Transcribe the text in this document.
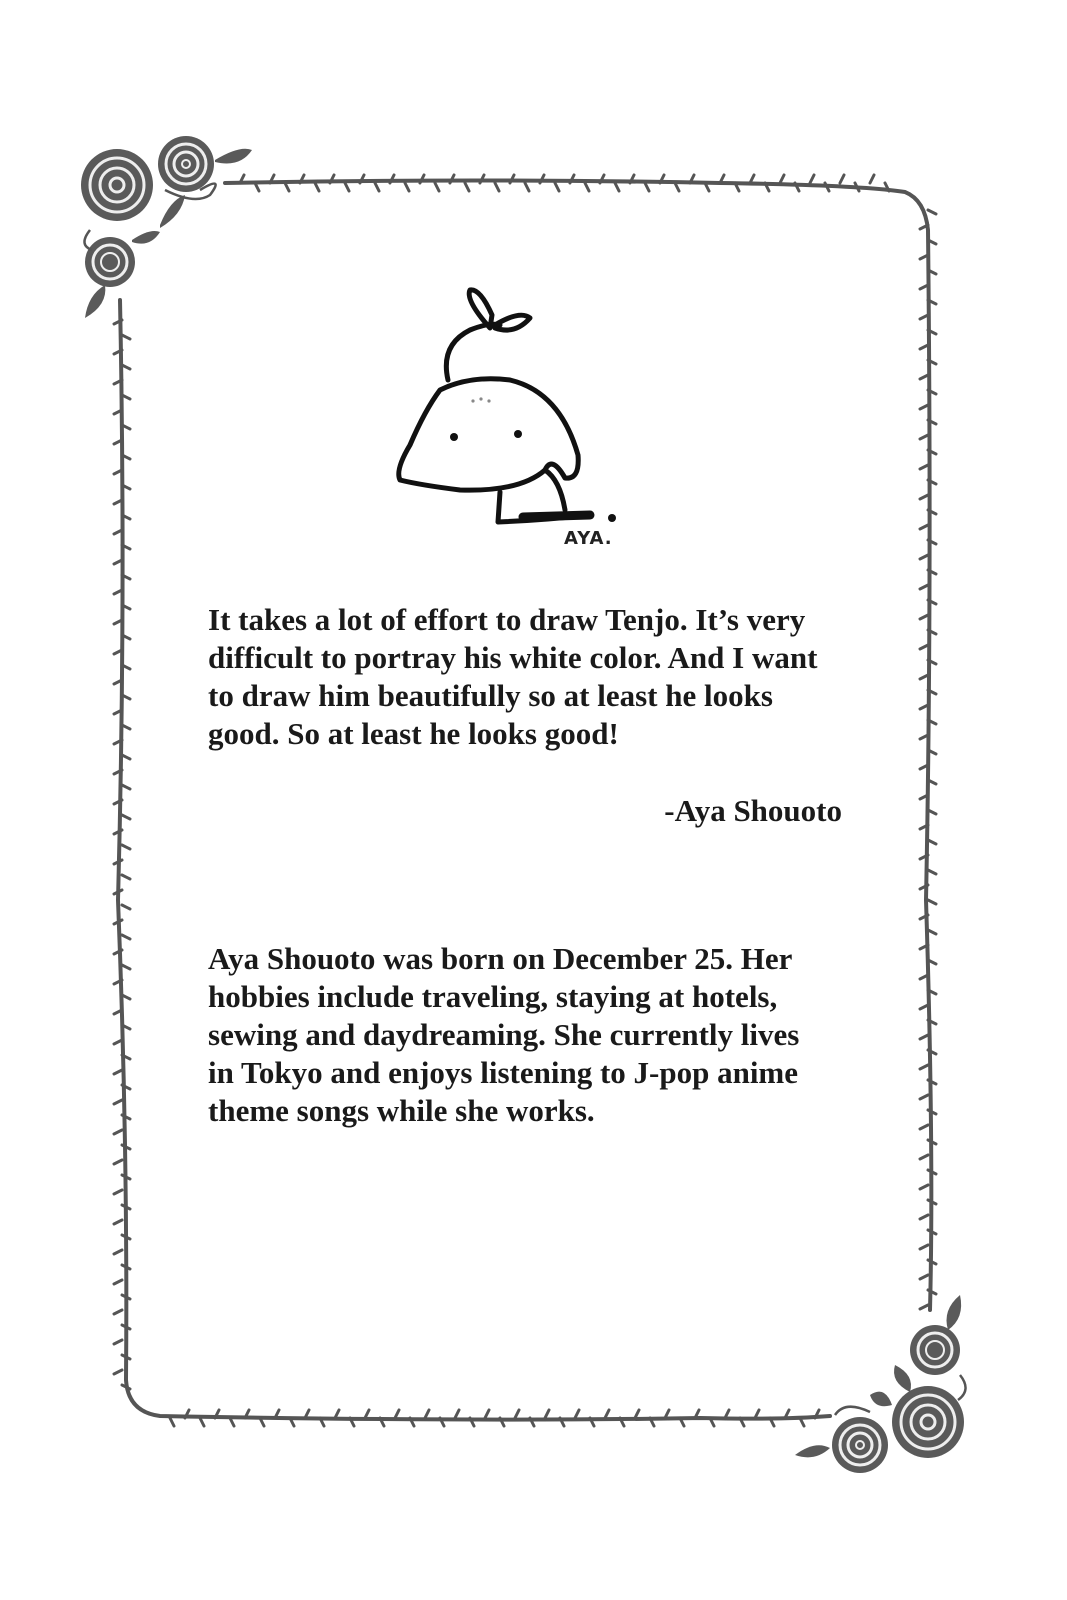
AYA.

It takes a lot of effort to draw Tenjo. It’s very

difficult to portray his white color. And I want

to draw him beautifully so at least he looks

good. So at least he looks good!

-Aya Shouoto

Aya Shouoto was born on December 25. Her

hobbies include traveling, staying at hotels,

sewing and daydreaming. She currently lives

in Tokyo and enjoys listening to J-pop anime

theme songs while she works.
